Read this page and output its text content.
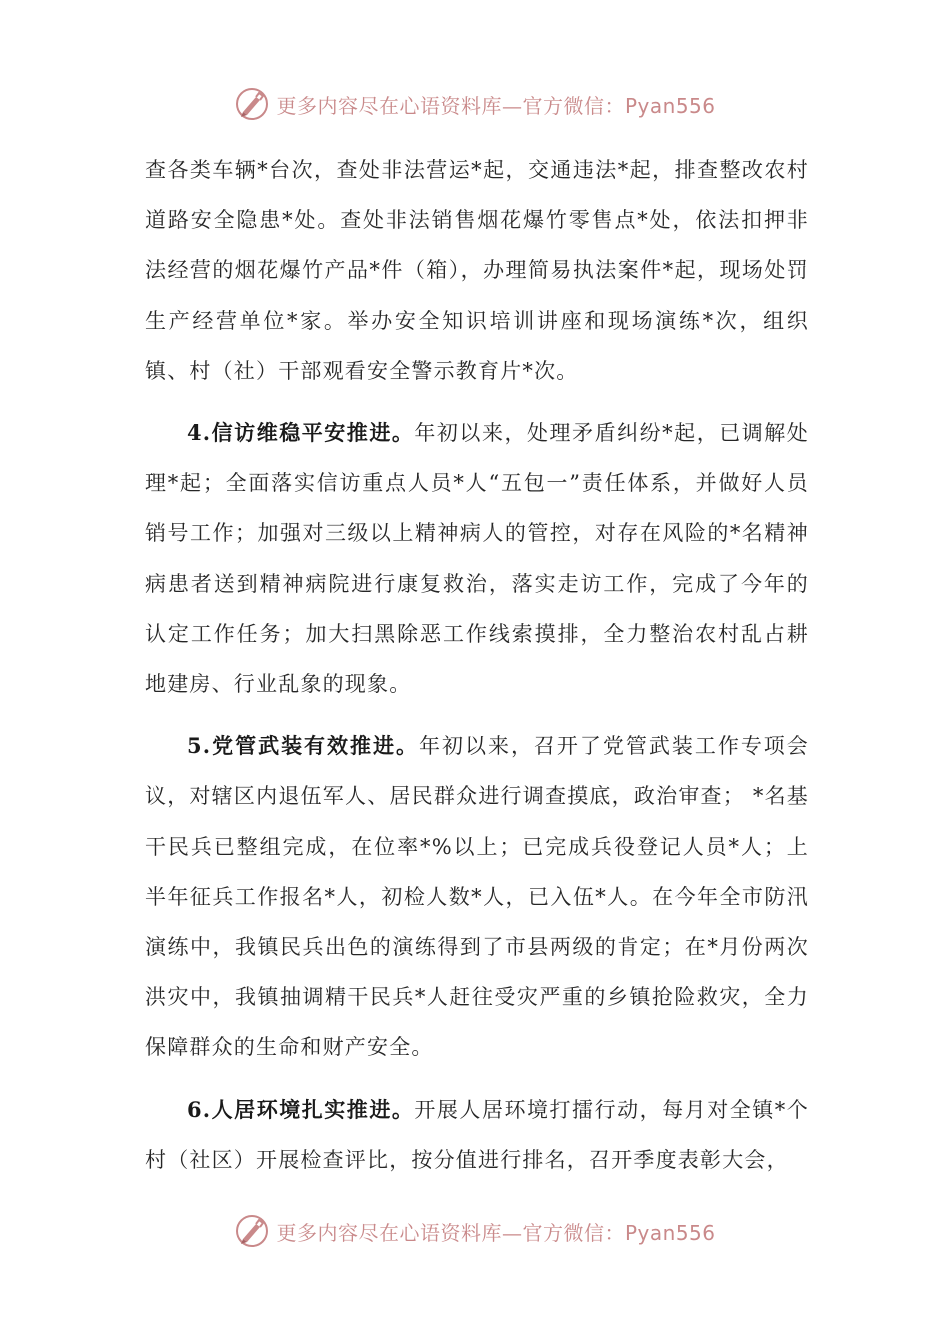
更多内容尽在心语资料库—官方微信：Pyan556

查各类车辆*台次，查处非法营运*起，交通违法*起，排查整改农村道路安全隐患*处。查处非法销售烟花爆竹零售点*处，依法扣押非法经营的烟花爆竹产品*件（箱），办理简易执法案件*起，现场处罚生产经营单位*家。举办安全知识培训讲座和现场演练*次，组织镇、村（社）干部观看安全警示教育片*次。

4.信访维稳平安推进。年初以来，处理矛盾纠纷*起，已调解处理*起；全面落实信访重点人员*人“五包一”责任体系，并做好人员销号工作；加强对三级以上精神病人的管控，对存在风险的*名精神病患者送到精神病院进行康复救治，落实走访工作，完成了今年的认定工作任务；加大扫黑除恶工作线索摸排，全力整治农村乱占耕地建房、行业乱象的现象。

5.党管武装有效推进。年初以来，召开了党管武装工作专项会议，对辖区内退伍军人、居民群众进行调查摸底，政治审查； *名基干民兵已整组完成，在位率*%以上；已完成兵役登记人员*人；上半年征兵工作报名*人，初检人数*人，已入伍*人。在今年全市防汛演练中，我镇民兵出色的演练得到了市县两级的肯定；在*月份两次洪灾中，我镇抽调精干民兵*人赶往受灾严重的乡镇抢险救灾，全力保障群众的生命和财产安全。

6.人居环境扎实推进。开展人居环境打擂行动，每月对全镇*个村（社区）开展检查评比，按分值进行排名，召开季度表彰大会，

更多内容尽在心语资料库—官方微信：Pyan556
